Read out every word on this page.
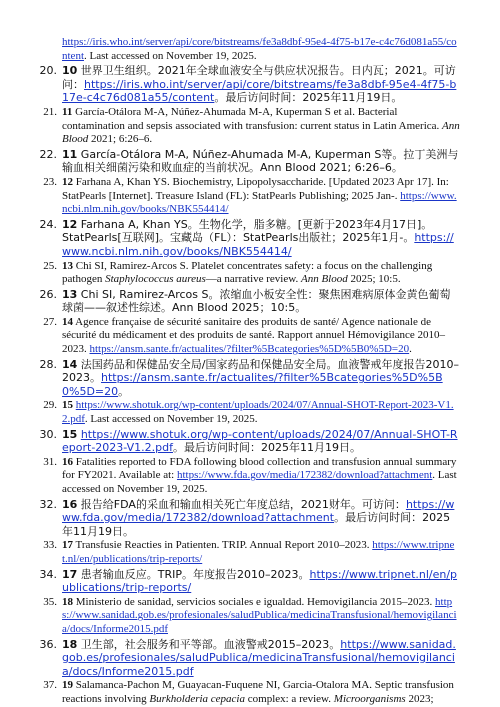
https://iris.who.int/server/api/core/bitstreams/fe3a8dbf-95e4-4f75-b17e-c4c76d081a55/content. Last accessed on November 19, 2025.
20. 10 世界卫生组织。2021年全球血液安全与供应状况报告。日内瓦；2021。可访问：https://iris.who.int/server/api/core/bitstreams/fe3a8dbf-95e4-4f75-b17e-c4c76d081a55/content。最后访问时间：2025年11月19日。
21. 11 García-Otálora M-A, Núñez-Ahumada M-A, Kuperman S et al. Bacterial contamination and sepsis associated with transfusion: current status in Latin America. Ann Blood 2021; 6:26–6.
22. 11 García-Otálora M-A, Núñez-Ahumada M-A, Kuperman S等。拉丁美洲与输血相关细菌污染和败血症的当前状况。Ann Blood 2021; 6:26–6。
23. 12 Farhana A, Khan YS. Biochemistry, Lipopolysaccharide. [Updated 2023 Apr 17]. In: StatPearls [Internet]. Treasure Island (FL): StatPearls Publishing; 2025 Jan-. https://www.ncbi.nlm.nih.gov/books/NBK554414/
24. 12 Farhana A, Khan YS。生物化学，脂多糖。[更新于2023年4月17日]。StatPearls[互联网]。宝藏岛（FL）：StatPearls出版社；2025年1月-。https://www.ncbi.nlm.nih.gov/books/NBK554414/
25. 13 Chi SI, Ramirez-Arcos S. Platelet concentrates safety: a focus on the challenging pathogen Staphylococcus aureus—a narrative review. Ann Blood 2025; 10:5.
26. 13 Chi SI, Ramirez-Arcos S。浓缩血小板安全性：聚焦困难病原体金黄色葡萄球菌——叙述性综述。Ann Blood 2025；10:5。
27. 14 Agence française de sécurité sanitaire des produits de santé/ Agence nationale de sécurité du médicament et des produits de santé. Rapport annuel Hémovigilance 2010–2023. https://ansm.sante.fr/actualites/?filter%5Bcategories%5D%5B0%5D=20.
28. 14 法国药品和保健品安全局/国家药品和保健品安全局。血液警戒年度报告2010–2023。https://ansm.sante.fr/actualites/?filter%5Bcategories%5D%5B0%5D=20。
29. 15 https://www.shotuk.org/wp-content/uploads/2024/07/Annual-SHOT-Report-2023-V1.2.pdf. Last accessed on November 19, 2025.
30. 15 https://www.shotuk.org/wp-content/uploads/2024/07/Annual-SHOT-Report-2023-V1.2.pdf。最后访问时间：2025年11月19日。
31. 16 Fatalities reported to FDA following blood collection and transfusion annual summary for FY2021. Available at: https://www.fda.gov/media/172382/download?attachment. Last accessed on November 19, 2025.
32. 16 报告给FDA的采血和输血相关死亡年度总结，2021财年。可访问：https://www.fda.gov/media/172382/download?attachment。最后访问时间：2025年11月19日。
33. 17 Transfusie Reacties in Patienten. TRIP. Annual Report 2010–2023. https://www.tripnet.nl/en/publications/trip-reports/
34. 17 患者输血反应。TRIP。年度报告2010–2023。https://www.tripnet.nl/en/publications/trip-reports/
35. 18 Ministerio de sanidad, servicios sociales e igualdad. Hemovigilancia 2015–2023. https://www.sanidad.gob.es/profesionales/saludPublica/medicinaTransfusional/hemovigilancia/docs/Informe2015.pdf
36. 18 卫生部，社会服务和平等部。血液警戒2015–2023。https://www.sanidad.gob.es/profesionales/saludPublica/medicinaTransfusional/hemovigilancia/docs/Informe2015.pdf
37. 19 Salamanca-Pachon M, Guayacan-Fuquene NI, Garcia-Otalora MA. Septic transfusion reactions involving Burkholderia cepacia complex: a review. Microorganisms 2023;
